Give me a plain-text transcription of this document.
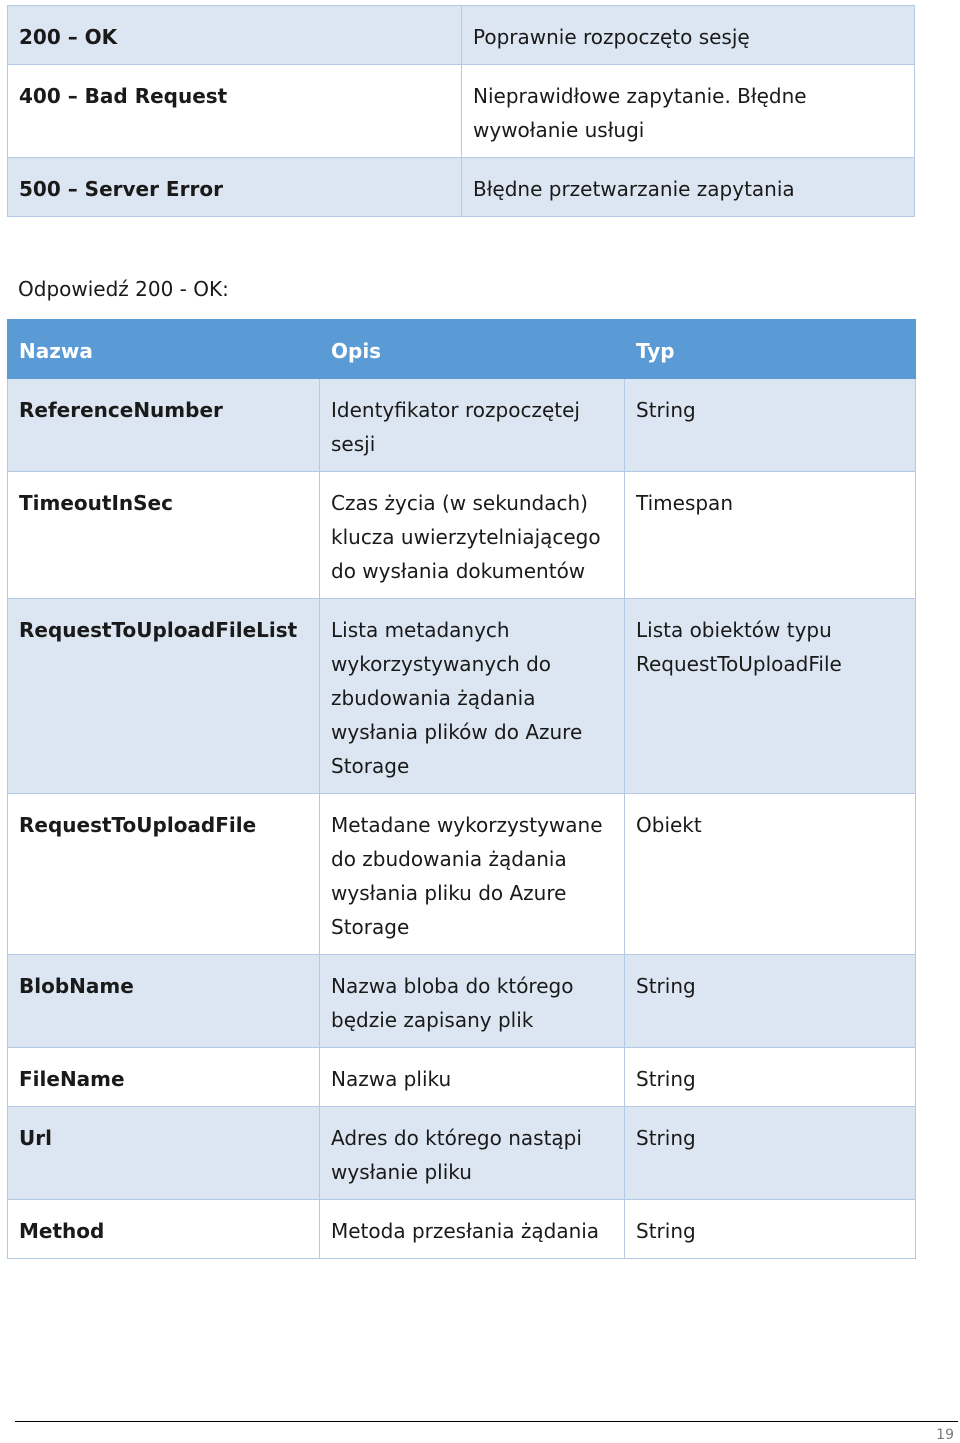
200 – OK	Poprawnie rozpoczęto sesję
400 – Bad Request	Nieprawidłowe zapytanie. Błędne wywołanie usługi
500 – Server Error	Błędne przetwarzanie zapytania
Odpowiedź 200 - OK:
Nazwa	Opis	Typ
ReferenceNumber	Identyfikator rozpoczętej sesji	String
TimeoutInSec	Czas życia (w sekundach) klucza uwierzytelniającego do wysłania dokumentów	Timespan
RequestToUploadFileList	Lista metadanych wykorzystywanych do zbudowania żądania wysłania plików do Azure Storage	Lista obiektów typu RequestToUploadFile
RequestToUploadFile	Metadane wykorzystywane do zbudowania żądania wysłania pliku do Azure Storage	Obiekt
BlobName	Nazwa bloba do którego będzie zapisany plik	String
FileName	Nazwa pliku	String
Url	Adres do którego nastąpi wysłanie pliku	String
Method	Metoda przesłania żądania	String
19
